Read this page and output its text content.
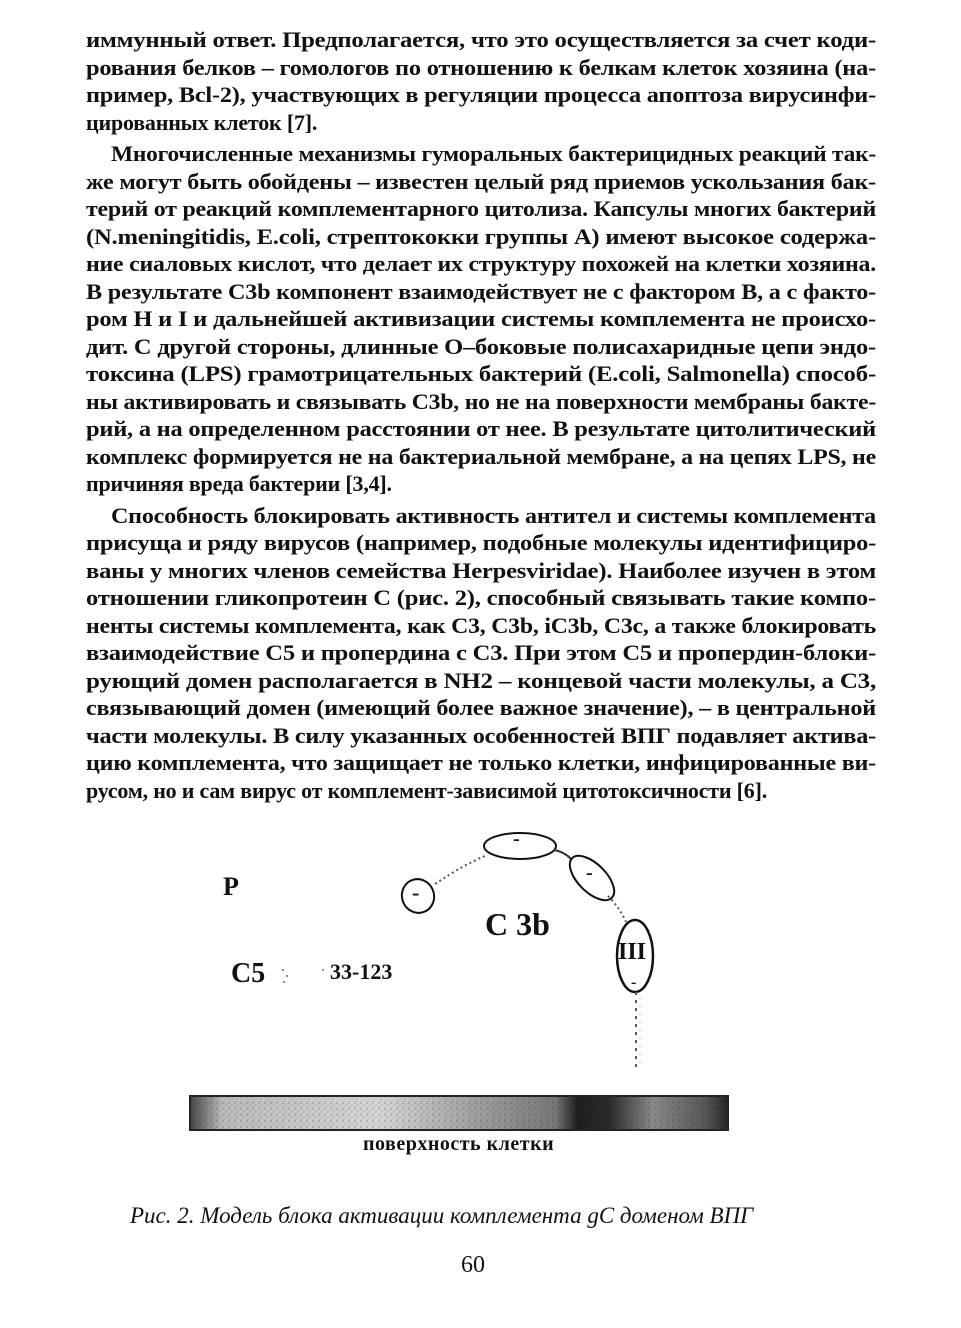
иммунный ответ. Предполагается, что это осуществляется за счет коди-
рования белков – гомологов по отношению к белкам клеток хозяина (на-
пример, Bcl-2), участвующих в регуляции процесса апоптоза вирусинфи-
цированных клеток [7].
Многочисленные механизмы гуморальных бактерицидных реакций так-
же могут быть обойдены – известен целый ряд приемов ускользания бак-
терий от реакций комплементарного цитолиза. Капсулы многих бактерий
(N.meningitidis, E.coli, стрептококки группы А) имеют высокое содержа-
ние сиаловых кислот, что делает их структуру похожей на клетки хозяина.
В результате C3b компонент взаимодействует не с фактором В, а с факто-
ром Н и I и дальнейшей активизации системы комплемента не происхо-
дит. С другой стороны, длинные О–боковые полисахаридные цепи эндо-
токсина (LPS) грамотрицательных бактерий (E.coli, Salmonella) способ-
ны активировать и связывать C3b, но не на поверхности мембраны бакте-
рий, а на определенном расстоянии от нее. В результате цитолитический
комплекс формируется не на бактериальной мембране, а на цепях LPS, не
причиняя вреда бактерии [3,4].
Способность блокировать активность антител и системы комплемента
присуща и ряду вирусов (например, подобные молекулы идентифициро-
ваны у многих членов семейства Herpesviridae). Наиболее изучен в этом
отношении гликопротеин С (рис. 2), способный связывать такие компо-
ненты системы комплемента, как C3, C3b, iC3b, C3c, а также блокировать
взаимодействие С5 и пропердина с C3. При этом С5 и пропердин-блоки-
рующий домен располагается в NH2 – концевой части молекулы, а C3,
связывающий домен (имеющий более важное значение), – в центральной
части молекулы. В силу указанных особенностей ВПГ подавляет актива-
цию комплемента, что защищает не только клетки, инфицированные ви-
русом, но и сам вирус от комплемент-зависимой цитотоксичности [6].
-
-
-
-
P
C5	33-123
C 3b
III
поверхность клетки
Рис. 2. Модель блока активации комплемента gC доменом ВПГ
60
